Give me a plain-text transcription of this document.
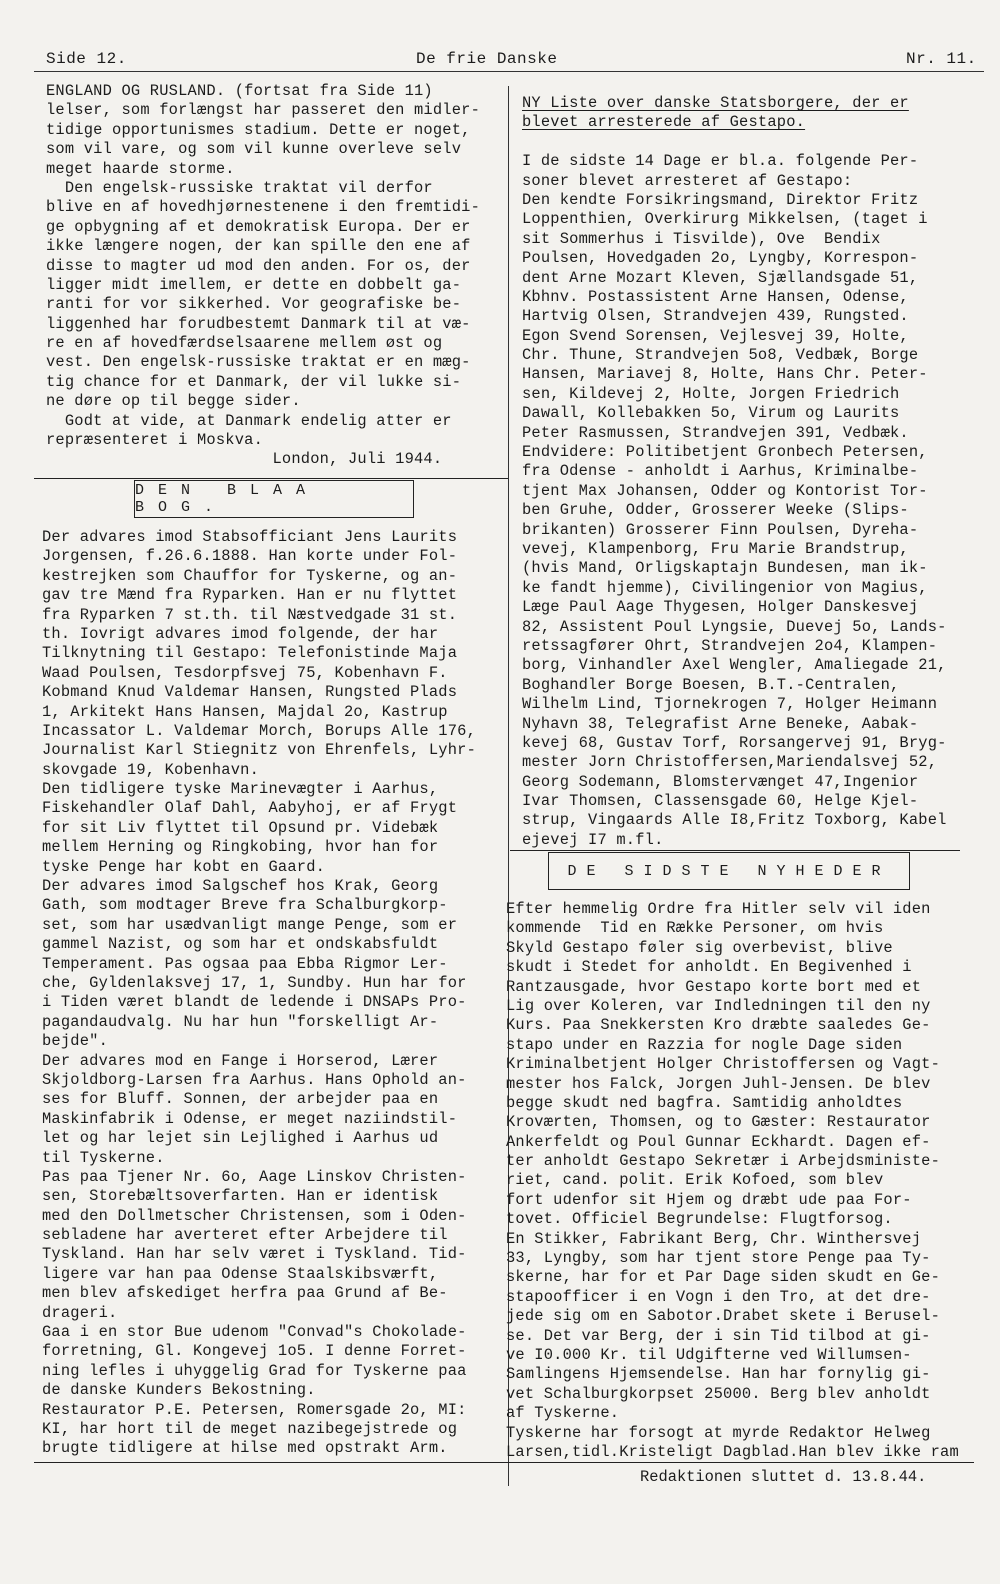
Side 12.	De frie Danske	Nr. 11.
ENGLAND OG RUSLAND. (fortsat fra Side 11)
lelser, som forlængst har passeret den midler-
tidige opportunismes stadium. Dette er noget,
som vil vare, og som vil kunne overleve selv
meget haarde storme.
Den engelsk-russiske traktat vil derfor
blive en af hovedhjørnestenene i den fremtidi-
ge opbygning af et demokratisk Europa. Der er
ikke længere nogen, der kan spille den ene af
disse to magter ud mod den anden. For os, der
ligger midt imellem, er dette en dobbelt ga-
ranti for vor sikkerhed. Vor geografiske be-
liggenhed har forudbestemt Danmark til at væ-
re en af hovedfærdselsaarene mellem øst og
vest. Den engelsk-russiske traktat er en mæg-
tig chance for et Danmark, der vil lukke si-
ne døre op til begge sider.
Godt at vide, at Danmark endelig atter er
repræsenteret i Moskva.
London, Juli 1944.
DEN BLAA BOG.
Der advares imod Stabsofficiant Jens Laurits
Jorgensen, f.26.6.1888. Han korte under Fol-
kestrejken som Chauffor for Tyskerne, og an-
gav tre Mænd fra Ryparken. Han er nu flyttet
fra Ryparken 7 st.th. til Næstvedgade 31 st.
th. Iovrigt advares imod folgende, der har
Tilknytning til Gestapo: Telefonistinde Maja
Waad Poulsen, Tesdorpfsvej 75, Kobenhavn F.
Kobmand Knud Valdemar Hansen, Rungsted Plads
1, Arkitekt Hans Hansen, Majdal 2o, Kastrup
Incassator L. Valdemar Morch, Borups Alle 176,
Journalist Karl Stiegnitz von Ehrenfels, Lyhr-
skovgade 19, Kobenhavn.
Den tidligere tyske Marinevægter i Aarhus,
Fiskehandler Olaf Dahl, Aabyhoj, er af Frygt
for sit Liv flyttet til Opsund pr. Videbæk
mellem Herning og Ringkobing, hvor han for
tyske Penge har kobt en Gaard.
Der advares imod Salgschef hos Krak, Georg
Gath, som modtager Breve fra Schalburgkorp-
set, som har usædvanligt mange Penge, som er
gammel Nazist, og som har et ondskabsfuldt
Temperament. Pas ogsaa paa Ebba Rigmor Ler-
che, Gyldenlaksvej 17, 1, Sundby. Hun har for
i Tiden været blandt de ledende i DNSAPs Pro-
pagandaudvalg. Nu har hun "forskelligt Ar-
bejde".
Der advares mod en Fange i Horserod, Lærer
Skjoldborg-Larsen fra Aarhus. Hans Ophold an-
ses for Bluff. Sonnen, der arbejder paa en
Maskinfabrik i Odense, er meget naziindstil-
let og har lejet sin Lejlighed i Aarhus ud
til Tyskerne.
Pas paa Tjener Nr. 6o, Aage Linskov Christen-
sen, Storebæltsoverfarten. Han er identisk
med den Dollmetscher Christensen, som i Oden-
sebladene har averteret efter Arbejdere til
Tyskland. Han har selv været i Tyskland. Tid-
ligere var han paa Odense Staalskibsværft,
men blev afskediget herfra paa Grund af Be-
drageri.
Gaa i en stor Bue udenom "Convad"s Chokolade-
forretning, Gl. Kongevej 1o5. I denne Forret-
ning lefles i uhyggelig Grad for Tyskerne paa
de danske Kunders Bekostning.
Restaurator P.E. Petersen, Romersgade 2o, MI:
KI, har hort til de meget nazibegejstrede og
brugte tidligere at hilse med opstrakt Arm.
NY Liste over danske Statsborgere, der er
blevet arresterede af Gestapo.
I de sidste 14 Dage er bl.a. folgende Per-
soner blevet arresteret af Gestapo:
Den kendte Forsikringsmand, Direktor Fritz
Loppenthien, Overkirurg Mikkelsen, (taget i
sit Sommerhus i Tisvilde), Ove  Bendix
Poulsen, Hovedgaden 2o, Lyngby, Korrespon-
dent Arne Mozart Kleven, Sjællandsgade 51,
Kbhnv. Postassistent Arne Hansen, Odense,
Hartvig Olsen, Strandvejen 439, Rungsted.
Egon Svend Sorensen, Vejlesvej 39, Holte,
Chr. Thune, Strandvejen 5o8, Vedbæk, Borge
Hansen, Mariavej 8, Holte, Hans Chr. Peter-
sen, Kildevej 2, Holte, Jorgen Friedrich
Dawall, Kollebakken 5o, Virum og Laurits
Peter Rasmussen, Strandvejen 391, Vedbæk.
Endvidere: Politibetjent Gronbech Petersen,
fra Odense - anholdt i Aarhus, Kriminalbe-
tjent Max Johansen, Odder og Kontorist Tor-
ben Gruhe, Odder, Grosserer Weeke (Slips-
brikanten) Grosserer Finn Poulsen, Dyreha-
vevej, Klampenborg, Fru Marie Brandstrup,
(hvis Mand, Orligskaptajn Bundesen, man ik-
ke fandt hjemme), Civilingenior von Magius,
Læge Paul Aage Thygesen, Holger Danskesvej
82, Assistent Poul Lyngsie, Duevej 5o, Lands-
retssagfører Ohrt, Strandvejen 2o4, Klampen-
borg, Vinhandler Axel Wengler, Amaliegade 21,
Boghandler Borge Boesen, B.T.-Centralen,
Wilhelm Lind, Tjornekrogen 7, Holger Heimann
Nyhavn 38, Telegrafist Arne Beneke, Aabak-
kevej 68, Gustav Torf, Rorsangervej 91, Bryg-
mester Jorn Christoffersen,Mariendalsvej 52,
Georg Sodemann, Blomstervænget 47,Ingenior
Ivar Thomsen, Classensgade 60, Helge Kjel-
strup, Vingaards Alle I8,Fritz Toxborg, Kabel
ejevej I7 m.fl.
DE SIDSTE NYHEDER
Efter hemmelig Ordre fra Hitler selv vil iden
kommende  Tid en Række Personer, om hvis
Skyld Gestapo føler sig overbevist, blive
skudt i Stedet for anholdt. En Begivenhed i
Rantzausgade, hvor Gestapo korte bort med et
Lig over Koleren, var Indledningen til den ny
Kurs. Paa Snekkersten Kro dræbte saaledes Ge-
stapo under en Razzia for nogle Dage siden
Kriminalbetjent Holger Christoffersen og Vagt-
mester hos Falck, Jorgen Juhl-Jensen. De blev
begge skudt ned bagfra. Samtidig anholdtes
Kroværten, Thomsen, og to Gæster: Restaurator
Ankerfeldt og Poul Gunnar Eckhardt. Dagen ef-
ter anholdt Gestapo Sekretær i Arbejdsministe-
riet, cand. polit. Erik Kofoed, som blev
fort udenfor sit Hjem og dræbt ude paa For-
tovet. Officiel Begrundelse: Flugtforsog.
En Stikker, Fabrikant Berg, Chr. Winthersvej
33, Lyngby, som har tjent store Penge paa Ty-
skerne, har for et Par Dage siden skudt en Ge-
stapoofficer i en Vogn i den Tro, at det dre-
jede sig om en Sabotor.Drabet skete i Berusel-
se. Det var Berg, der i sin Tid tilbod at gi-
ve I0.000 Kr. til Udgifterne ved Willumsen-
Samlingens Hjemsendelse. Han har fornylig gi-
vet Schalburgkorpset 25000. Berg blev anholdt
af Tyskerne.
Tyskerne har forsogt at myrde Redaktor Helweg
Larsen,tidl.Kristeligt Dagblad.Han blev ikke ram
Redaktionen sluttet d. 13.8.44.
